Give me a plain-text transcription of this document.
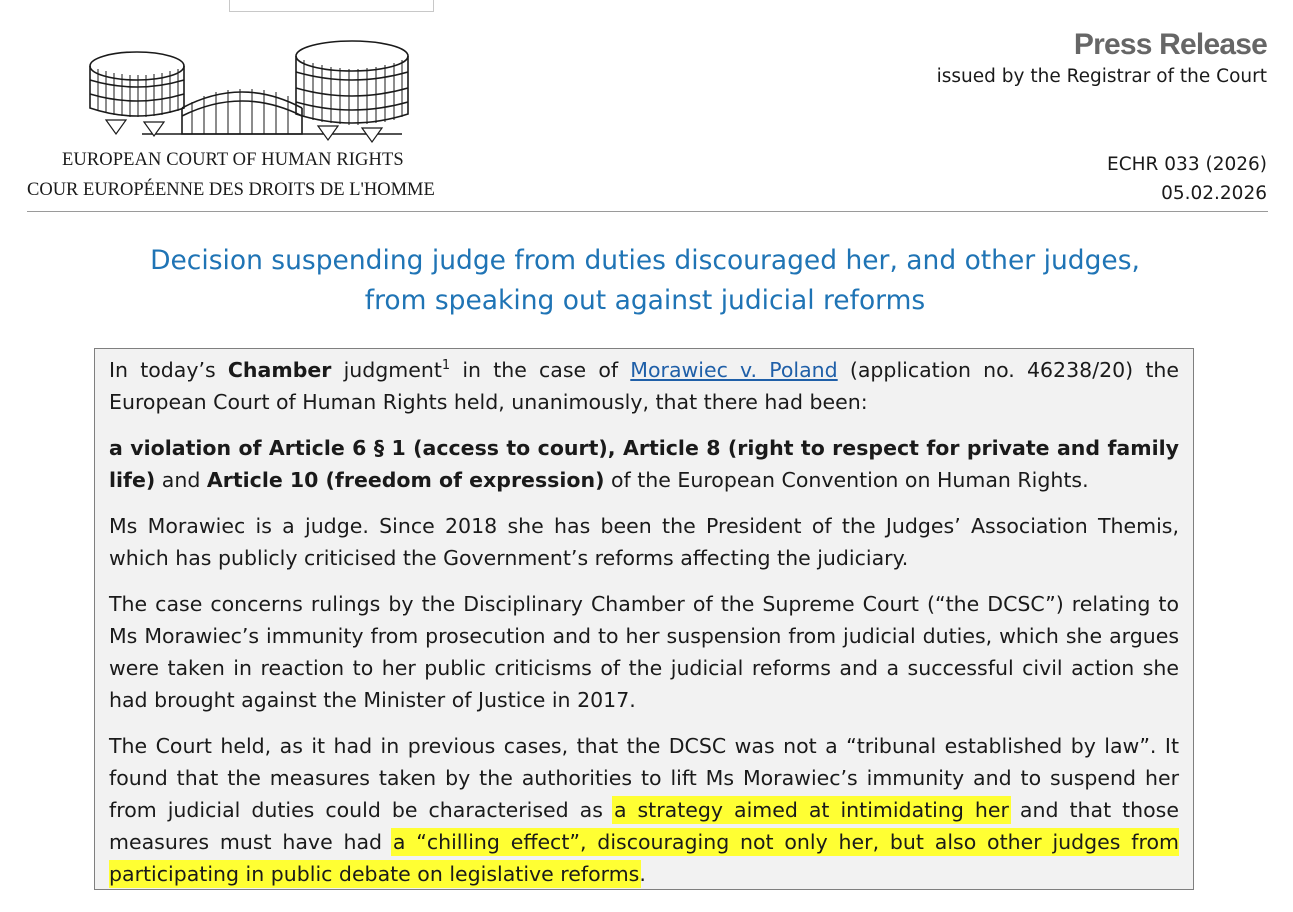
EUROPEAN COURT OF HUMAN RIGHTS
COUR EUROPÉENNE DES DROITS DE L'HOMME
Press Release
issued by the Registrar of the Court
ECHR 033 (2026)
05.02.2026
Decision suspending judge from duties discouraged her, and other judges,
from speaking out against judicial reforms

In today’s Chamber judgment$^1$ in the case of Morawiec v. Poland (application no. 46238/20) the European Court of Human Rights held, unanimously, that there had been:

a violation of Article 6 § 1 (access to court), Article 8 (right to respect for private and family life) and Article 10 (freedom of expression) of the European Convention on Human Rights.

Ms Morawiec is a judge. Since 2018 she has been the President of the Judges’ Association Themis, which has publicly criticised the Government’s reforms affecting the judiciary.

The case concerns rulings by the Disciplinary Chamber of the Supreme Court (“the DCSC”) relating to Ms Morawiec’s immunity from prosecution and to her suspension from judicial duties, which she argues were taken in reaction to her public criticisms of the judicial reforms and a successful civil action she had brought against the Minister of Justice in 2017.

The Court held, as it had in previous cases, that the DCSC was not a “tribunal established by law”. It found that the measures taken by the authorities to lift Ms Morawiec’s immunity and to suspend her from judicial duties could be characterised as a strategy aimed at intimidating her and that those measures must have had a “chilling effect”, discouraging not only her, but also other judges from participating in public debate on legislative reforms.
